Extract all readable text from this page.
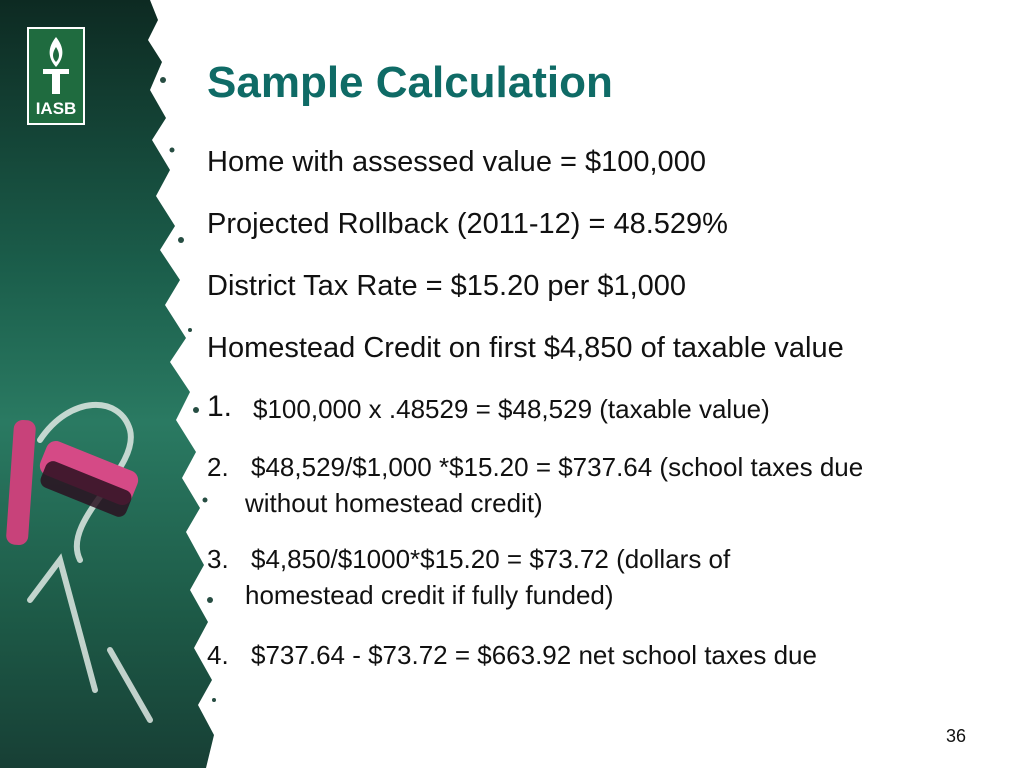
IASB
Sample Calculation
Home with assessed value = $100,000
Projected Rollback (2011-12) = 48.529%
District Tax Rate = $15.20 per $1,000
Homestead Credit on first $4,850 of taxable value
1. $100,000 x .48529 = $48,529 (taxable value)
2. $48,529/$1,000 *$15.20 = $737.64 (school taxes due
without homestead credit)
3. $4,850/$1000*$15.20 = $73.72 (dollars of
homestead credit if fully funded)
4. $737.64 - $73.72 = $663.92 net school taxes due
36
